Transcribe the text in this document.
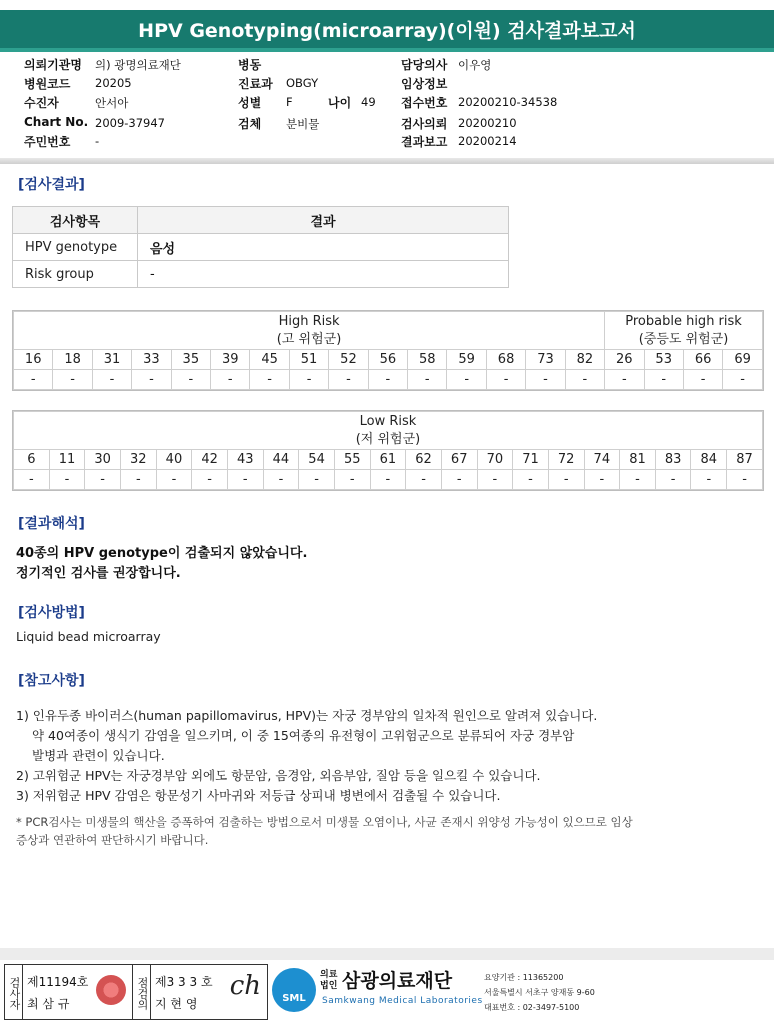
HPV Genotyping(microarray)(이원) 검사결과보고서
의뢰기관명 의) 광명의료재단
병원코드 20205
수진자	안서아
Chart No. 2009-37947
주민번호 -
병동
진료과 OBGY
성별 F	나이 49
검체 분비물
담당의사 이우영
임상정보
접수번호 20200210-34538
검사의뢰 20200210
결과보고 20200214
[검사결과]
검사항목	결과
HPV genotype	음성
Risk group	-
High Risk
(고 위험군)															Probable high risk
(중등도 위험군)			
16	18	31	33	35	39	45	51	52	56	58	59	68	73	82	26	53	66	69
-	-	-	-	-	-	-	-	-	-	-	-	-	-	-	-	-	-	-
Low Risk
(저 위험군)																				
6	11	30	32	40	42	43	44	54	55	61	62	67	70	71	72	74	81	83	84	87
-	-	-	-	-	-	-	-	-	-	-	-	-	-	-	-	-	-	-	-	-
[결과해석]
40종의 HPV genotype이 검출되지 않았습니다.
정기적인 검사를 권장합니다.
[검사방법]
Liquid bead microarray
[참고사항]
1) 인유두종 바이러스(human papillomavirus, HPV)는 자궁 경부암의 일차적 원인으로 알려져 있습니다.
약 40여종이 생식기 감염을 일으키며, 이 중 15여종의 유전형이 고위험군으로 분류되어 자궁 경부암
발병과 관련이 있습니다.
2) 고위험군 HPV는 자궁경부암 외에도 항문암, 음경암, 외음부암, 질암 등을 일으킬 수 있습니다.
3) 저위험군 HPV 감염은 항문성기 사마귀와 저등급 상피내 병변에서 검출될 수 있습니다.
* PCR검사는 미생물의 핵산을 증폭하여 검출하는 방법으로서 미생물 오염이나, 사균 존재시 위양성 가능성이 있으므로 임상
증상과 연관하여 판단하시기 바랍니다.
검사자 제11194호
최 삼 규	점검의 제3 3 3 호
지 현 영
ch	SML
의료
법인 삼광의료재단
Samkwang Medical Laboratories
요양기관 : 11365200
서울특별시 서초구 양재동 9-60
대표번호 : 02-3497-5100
